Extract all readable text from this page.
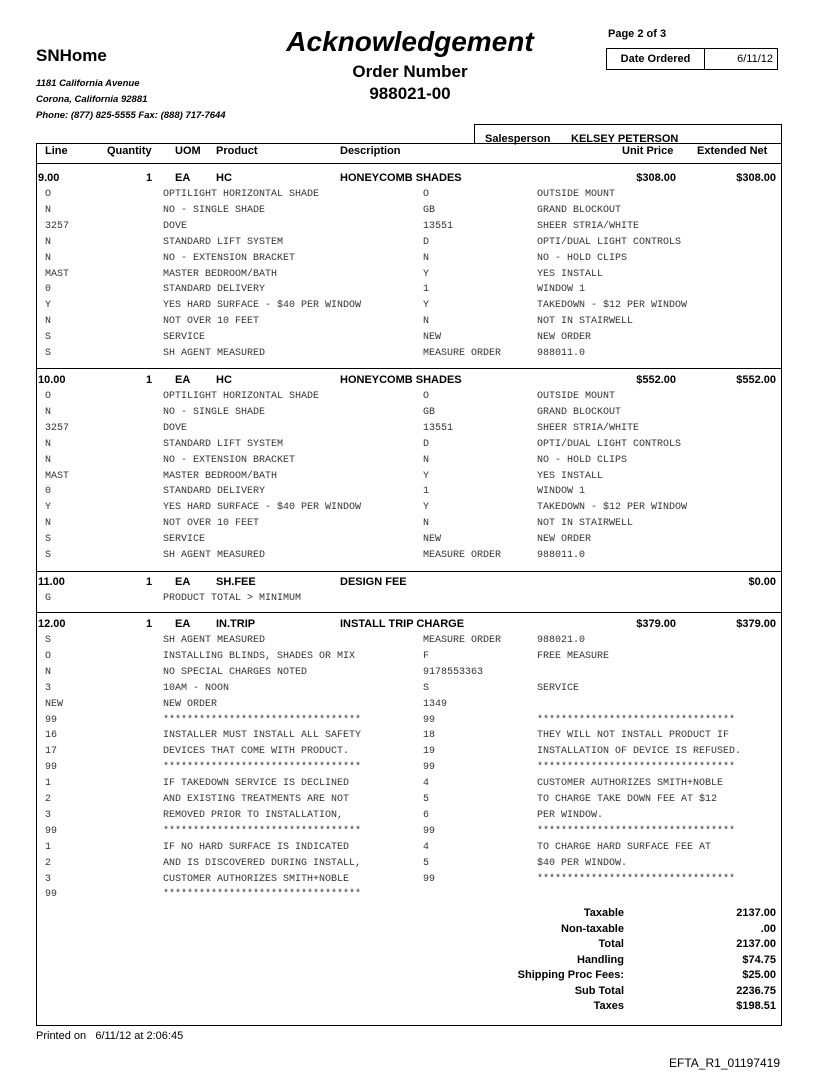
SNHome
1181 California Avenue
Corona, California 92881
Phone: (877) 825-5555 Fax: (888) 717-7644
Acknowledgement
Order Number
988021-00
Page 2 of 3
Date Ordered	6/11/12
Salesperson KELSEY PETERSON
Line	Quantity UOM Product	Description	Unit Price Extended Net
9.00	1 EA HC	HONEYCOMB SHADES	$308.00	$308.00
O	OPTILIGHT HORIZONTAL SHADE	O	OUTSIDE MOUNT
N	NO - SINGLE SHADE	GB	GRAND BLOCKOUT
3257	DOVE	13551	SHEER STRIA/WHITE
N	STANDARD LIFT SYSTEM	D	OPTI/DUAL LIGHT CONTROLS
N	NO - EXTENSION BRACKET	N	NO - HOLD CLIPS
MAST	MASTER BEDROOM/BATH	Y	YES INSTALL
0	STANDARD DELIVERY	1	WINDOW 1
Y	YES HARD SURFACE - $40 PER WINDOW	Y	TAKEDOWN - $12 PER WINDOW
N	NOT OVER 10 FEET	N	NOT IN STAIRWELL
S	SERVICE	NEW	NEW ORDER
S	SH AGENT MEASURED	MEASURE ORDER	988011.0
10.00	1 EA HC	HONEYCOMB SHADES	$552.00	$552.00
O	OPTILIGHT HORIZONTAL SHADE	O	OUTSIDE MOUNT
N	NO - SINGLE SHADE	GB	GRAND BLOCKOUT
3257	DOVE	13551	SHEER STRIA/WHITE
N	STANDARD LIFT SYSTEM	D	OPTI/DUAL LIGHT CONTROLS
N	NO - EXTENSION BRACKET	N	NO - HOLD CLIPS
MAST	MASTER BEDROOM/BATH	Y	YES INSTALL
0	STANDARD DELIVERY	1	WINDOW 1
Y	YES HARD SURFACE - $40 PER WINDOW	Y	TAKEDOWN - $12 PER WINDOW
N	NOT OVER 10 FEET	N	NOT IN STAIRWELL
S	SERVICE	NEW	NEW ORDER
S	SH AGENT MEASURED	MEASURE ORDER	988011.0
11.00	1 EA SH.FEE	DESIGN FEE	$0.00
G	PRODUCT TOTAL > MINIMUM
12.00	1 EA IN.TRIP	INSTALL TRIP CHARGE	$379.00	$379.00
S	SH AGENT MEASURED	MEASURE ORDER	988021.0
O	INSTALLING BLINDS, SHADES OR MIX	F	FREE MEASURE
N	NO SPECIAL CHARGES NOTED	9178553363
3	10AM - NOON	S	SERVICE
NEW	NEW ORDER	1349
99	*********************************	99	*********************************
16	INSTALLER MUST INSTALL ALL SAFETY	18	THEY WILL NOT INSTALL PRODUCT IF
17	DEVICES THAT COME WITH PRODUCT.	19	INSTALLATION OF DEVICE IS REFUSED.
99	*********************************	99	*********************************
1	IF TAKEDOWN SERVICE IS DECLINED	4	CUSTOMER AUTHORIZES SMITH+NOBLE
2	AND EXISTING TREATMENTS ARE NOT	5	TO CHARGE TAKE DOWN FEE AT $12
3	REMOVED PRIOR TO INSTALLATION,	6	PER WINDOW.
99	*********************************	99	*********************************
1	IF NO HARD SURFACE IS INDICATED	4	TO CHARGE HARD SURFACE FEE AT
2	AND IS DISCOVERED DURING INSTALL,	5	$40 PER WINDOW.
3	CUSTOMER AUTHORIZES SMITH+NOBLE	99	*********************************
99	*********************************
Taxable	2137.00
Non-taxable	.00
Total	2137.00
Handling	$74.75
Shipping Proc Fees:	$25.00
Sub Total	2236.75
Taxes	$198.51
Printed on 6/11/12 at 2:06:45
EFTA_R1_01197419
